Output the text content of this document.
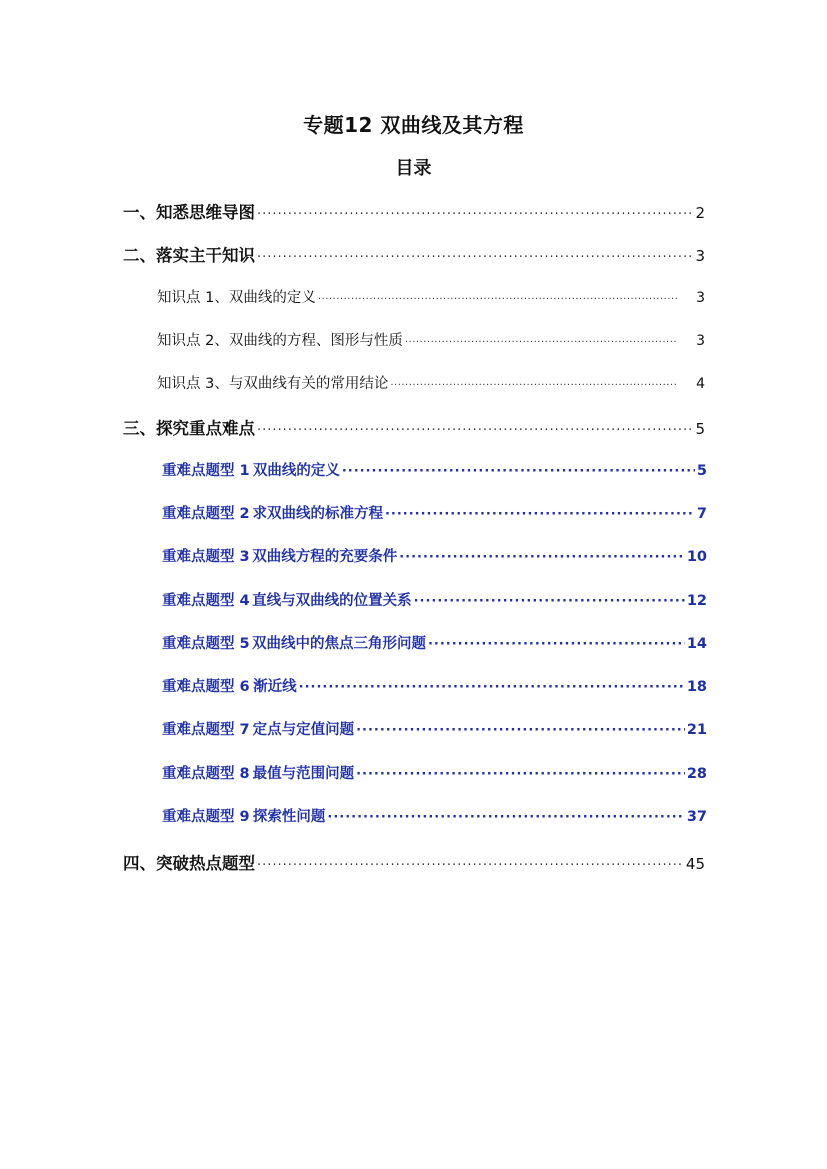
专题12 双曲线及其方程
目录
一、知悉思维导图 ·····	2
二、落实主干知识 ·····	3
知识点 1、双曲线的定义 ·····	3
知识点 2、双曲线的方程、图形与性质 ·····	3
知识点 3、与双曲线有关的常用结论 ·····	4
三、探究重点难点 ·····	5
重难点题型 1 双曲线的定义 ·····	5
重难点题型 2 求双曲线的标准方程 ·····	7
重难点题型 3 双曲线方程的充要条件 ·····	10
重难点题型 4 直线与双曲线的位置关系 ·····	12
重难点题型 5 双曲线中的焦点三角形问题 ·····	14
重难点题型 6 渐近线 ·····	18
重难点题型 7 定点与定值问题 ·····	21
重难点题型 8 最值与范围问题 ·····	28
重难点题型 9 探索性问题 ·····	37
四、突破热点题型 ·····	45
